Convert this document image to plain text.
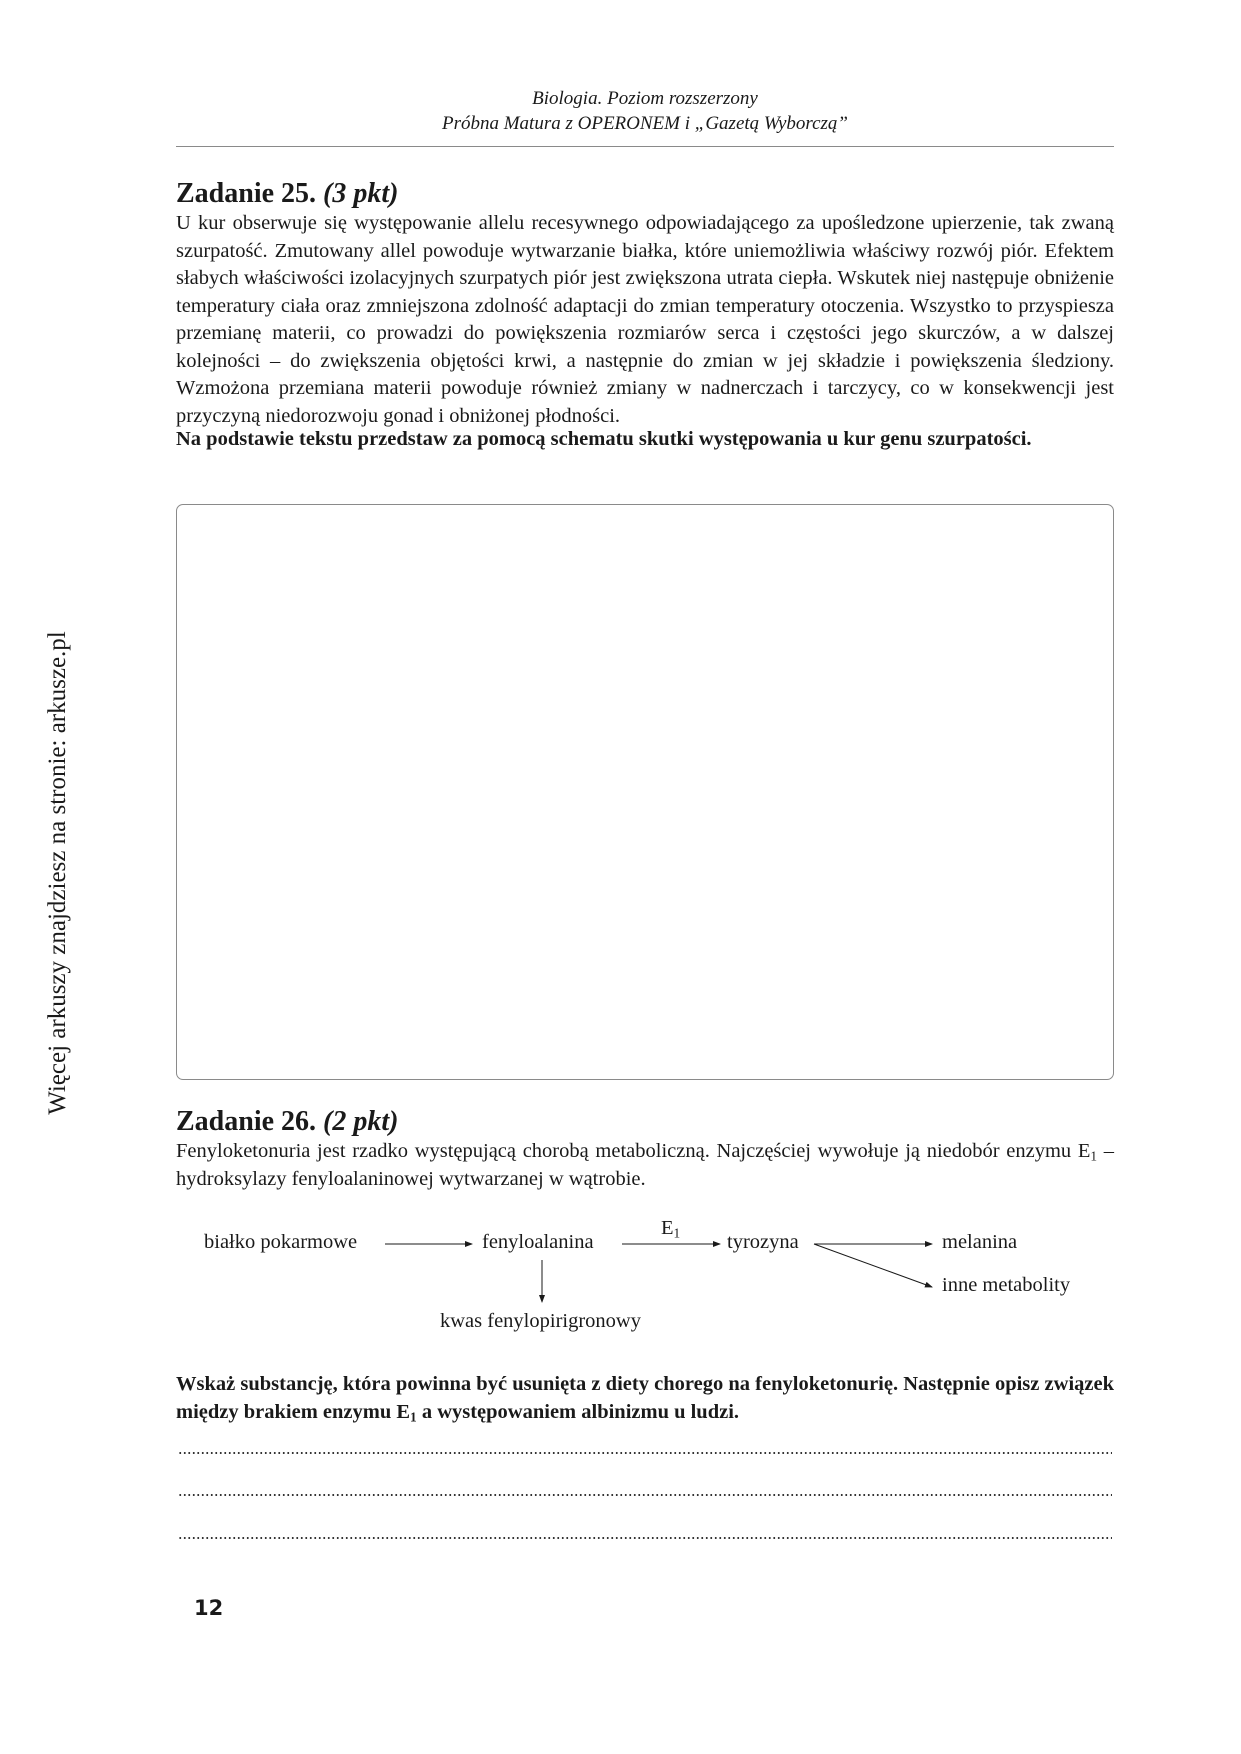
Biologia. Poziom rozszerzony
Próbna Matura z OPERONEM i „Gazetą Wyborczą”
Więcej arkuszy znajdziesz na stronie: arkusze.pl
Zadanie 25. (3 pkt)

U kur obserwuje się występowanie allelu recesywnego odpowiadającego za upośledzone upierzenie, tak zwaną szurpatość. Zmutowany allel powoduje wytwarzanie białka, które uniemożliwia właściwy rozwój piór. Efektem słabych właściwości izolacyjnych szurpatych piór jest zwiększona utrata ciepła. Wskutek niej następuje obniżenie temperatury ciała oraz zmniejszona zdolność adaptacji do zmian temperatury otoczenia. Wszystko to przyspiesza przemianę materii, co prowadzi do powiększenia rozmiarów serca i częstości jego skurczów, a w dalszej kolejności – do zwiększenia objętości krwi, a następnie do zmian w jej składzie i powiększenia śledziony. Wzmożona przemiana materii powoduje również zmiany w nadnerczach i tarczycy, co w konsekwencji jest przyczyną niedorozwoju gonad i obniżonej płodności.

Na podstawie tekstu przedstaw za pomocą schematu skutki występowania u kur genu szurpatości.

Zadanie 26. (2 pkt)

Fenyloketonuria jest rzadko występującą chorobą metaboliczną. Najczęściej wywołuje ją niedobór enzymu $E_1$ – hydroksylazy fenyloalaninowej wytwarzanej w wątrobie.

białko pokarmowe	fenyloalanina
$E_1$ tyrozyna	melanina
inne metabolity
kwas fenylopirigronowy

Wskaż substancję, która powinna być usunięta z diety chorego na fenyloketonurię. Następnie opisz związek między brakiem enzymu $E_1$ a występowaniem albinizmu u ludzi.

12
